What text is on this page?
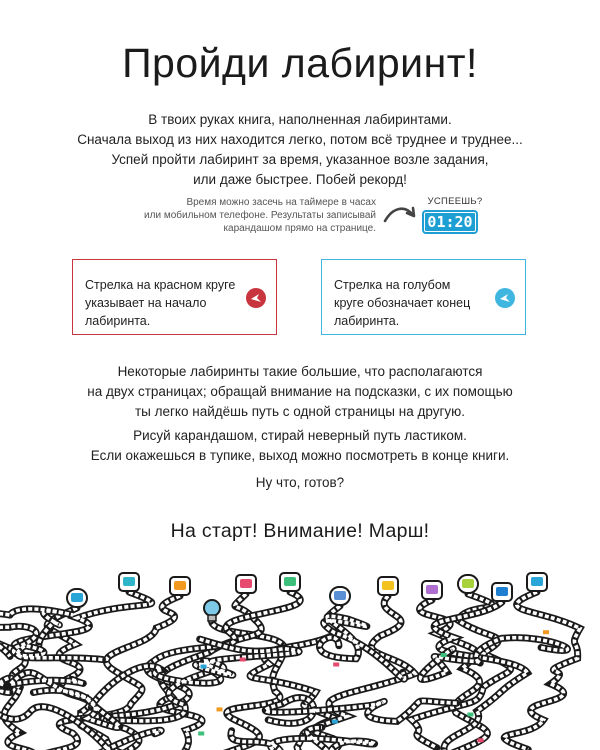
Пройди лабиринт!
В твоих руках книга, наполненная лабиринтами.
Сначала выход из них находится легко, потом всё труднее и труднее...
Успей пройти лабиринт за время, указанное возле задания,
или даже быстрее. Побей рекорд!
Время можно засечь на таймере в часах
или мобильном телефоне. Результаты записывай
карандашом прямо на странице.
УСПЕЕШЬ?
01:20
Стрелка на красном круге
указывает на начало
лабиринта.
Стрелка на голубом
круге обозначает конец
лабиринта.
Некоторые лабиринты такие большие, что располагаются
на двух страницах; обращай внимание на подсказки, с их помощью
ты легко найдёшь путь с одной страницы на другую.
Рисуй карандашом, стирай неверный путь ластиком.
Если окажешься в тупике, выход можно посмотреть в конце книги.
Ну что, готов?
На старт! Внимание! Марш!
